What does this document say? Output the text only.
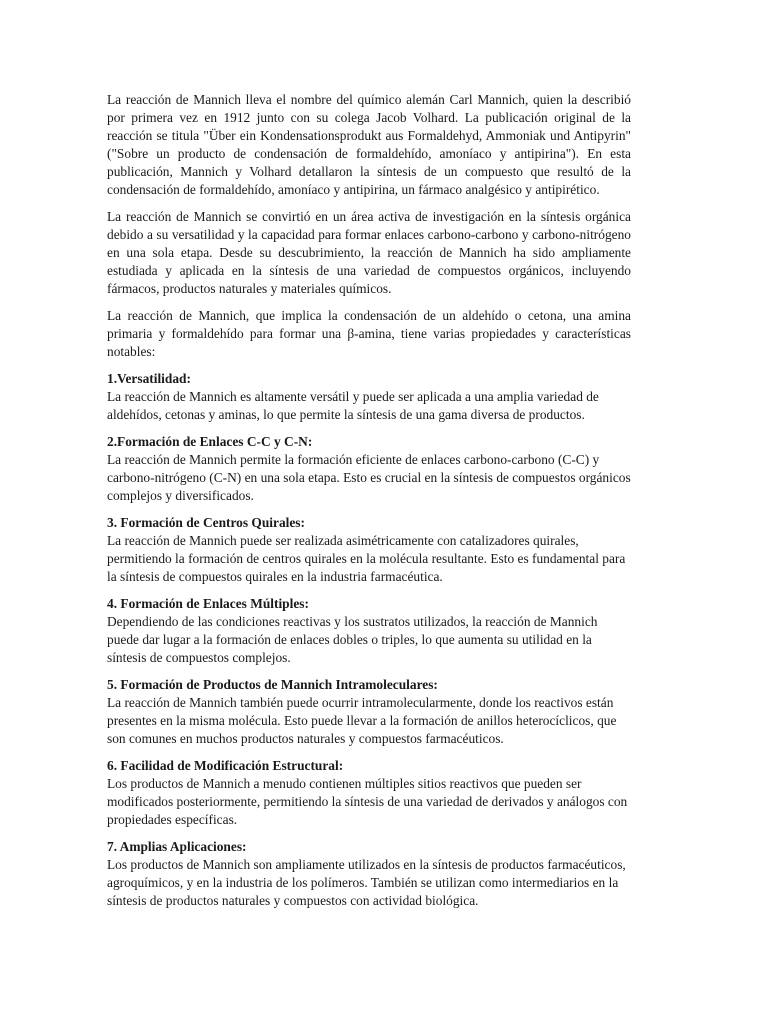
La reacción de Mannich lleva el nombre del químico alemán Carl Mannich, quien la describió por primera vez en 1912 junto con su colega Jacob Volhard. La publicación original de la reacción se titula "Über ein Kondensationsprodukt aus Formaldehyd, Ammoniak und Antipyrin" ("Sobre un producto de condensación de formaldehído, amoníaco y antipirina"). En esta publicación, Mannich y Volhard detallaron la síntesis de un compuesto que resultó de la condensación de formaldehído, amoníaco y antipirina, un fármaco analgésico y antipirético.

La reacción de Mannich se convirtió en un área activa de investigación en la síntesis orgánica debido a su versatilidad y la capacidad para formar enlaces carbono-carbono y carbono-nitrógeno en una sola etapa. Desde su descubrimiento, la reacción de Mannich ha sido ampliamente estudiada y aplicada en la síntesis de una variedad de compuestos orgánicos, incluyendo fármacos, productos naturales y materiales químicos.

La reacción de Mannich, que implica la condensación de un aldehído o cetona, una amina primaria y formaldehído para formar una β-amina, tiene varias propiedades y características notables:

1.Versatilidad:
La reacción de Mannich es altamente versátil y puede ser aplicada a una amplia variedad de aldehídos, cetonas y aminas, lo que permite la síntesis de una gama diversa de productos.
2.Formación de Enlaces C-C y C-N:
La reacción de Mannich permite la formación eficiente de enlaces carbono-carbono (C-C) y carbono-nitrógeno (C-N) en una sola etapa. Esto es crucial en la síntesis de compuestos orgánicos complejos y diversificados.
3. Formación de Centros Quirales:
La reacción de Mannich puede ser realizada asimétricamente con catalizadores quirales, permitiendo la formación de centros quirales en la molécula resultante. Esto es fundamental para la síntesis de compuestos quirales en la industria farmacéutica.
4. Formación de Enlaces Múltiples:
Dependiendo de las condiciones reactivas y los sustratos utilizados, la reacción de Mannich puede dar lugar a la formación de enlaces dobles o triples, lo que aumenta su utilidad en la síntesis de compuestos complejos.
5. Formación de Productos de Mannich Intramoleculares:
La reacción de Mannich también puede ocurrir intramolecularmente, donde los reactivos están presentes en la misma molécula. Esto puede llevar a la formación de anillos heterocíclicos, que son comunes en muchos productos naturales y compuestos farmacéuticos.
6. Facilidad de Modificación Estructural:
Los productos de Mannich a menudo contienen múltiples sitios reactivos que pueden ser modificados posteriormente, permitiendo la síntesis de una variedad de derivados y análogos con propiedades específicas.
7. Amplias Aplicaciones:
Los productos de Mannich son ampliamente utilizados en la síntesis de productos farmacéuticos, agroquímicos, y en la industria de los polímeros. También se utilizan como intermediarios en la síntesis de productos naturales y compuestos con actividad biológica.
